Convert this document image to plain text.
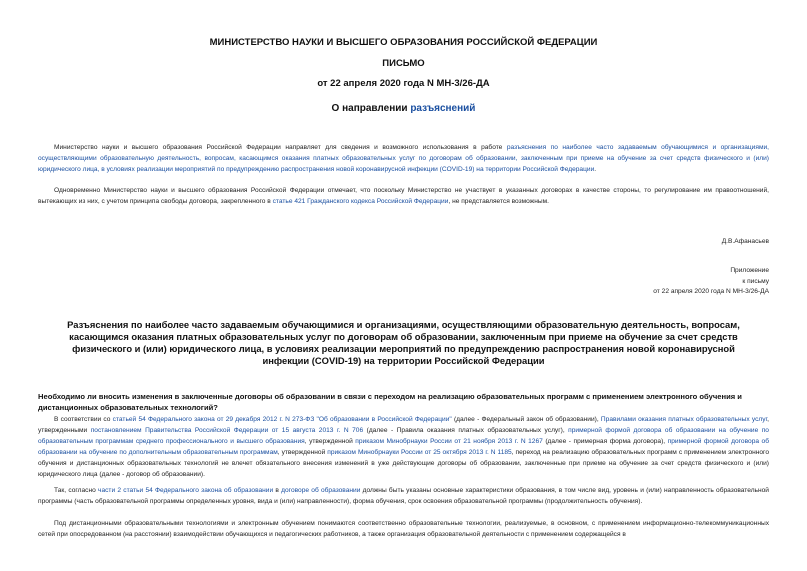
МИНИСТЕРСТВО НАУКИ И ВЫСШЕГО ОБРАЗОВАНИЯ РОССИЙСКОЙ ФЕДЕРАЦИИ
ПИСЬМО
от 22 апреля 2020 года N МН-3/26-ДА
О направлении разъяснений

Министерство науки и высшего образования Российской Федерации направляет для сведения и возможного использования в работе разъяснения по наиболее часто задаваемым обучающимися и организациями, осуществляющими образовательную деятельность, вопросам, касающимся оказания платных образовательных услуг по договорам об образовании, заключенным при приеме на обучение за счет средств физического и (или) юридического лица, в условиях реализации мероприятий по предупреждению распространения новой коронавирусной инфекции (COVID-19) на территории Российской Федерации.

Одновременно Министерство науки и высшего образования Российской Федерации отмечает, что поскольку Министерство не участвует в указанных договорах в качестве стороны, то регулирование им правоотношений, вытекающих из них, с учетом принципа свободы договора, закрепленного в статье 421 Гражданского кодекса Российской Федерации, не представляется возможным.

Д.В.Афанасьев
Приложение
к письму
от 22 апреля 2020 года N МН-3/26-ДА
Разъяснения по наиболее часто задаваемым обучающимися и организациями, осуществляющими образовательную деятельность, вопросам, касающимся оказания платных образовательных услуг по договорам об образовании, заключенным при приеме на обучение за счет средств физического и (или) юридического лица, в условиях реализации мероприятий по предупреждению распространения новой коронавирусной инфекции (COVID-19) на территории Российской Федерации
Необходимо ли вносить изменения в заключенные договоры об образовании в связи с переходом на реализацию образовательных программ с применением электронного обучения и дистанционных образовательных технологий?

В соответствии со статьей 54 Федерального закона от 29 декабря 2012 г. N 273-ФЗ "Об образовании в Российской Федерации" (далее - Федеральный закон об образовании), Правилами оказания платных образовательных услуг, утвержденными постановлением Правительства Российской Федерации от 15 августа 2013 г. N 706 (далее - Правила оказания платных образовательных услуг), примерной формой договора об образовании на обучение по образовательным программам среднего профессионального и высшего образования, утвержденной приказом Минобрнауки России от 21 ноября 2013 г. N 1267 (далее - примерная форма договора), примерной формой договора об образовании на обучение по дополнительным образовательным программам, утвержденной приказом Минобрнауки России от 25 октября 2013 г. N 1185, переход на реализацию образовательных программ с применением электронного обучения и дистанционных образовательных технологий не влечет обязательного внесения изменений в уже действующие договоры об образовании, заключенные при приеме на обучение за счет средств физического и (или) юридического лица (далее - договор об образовании).

Так, согласно части 2 статьи 54 Федерального закона об образовании в договоре об образовании должны быть указаны основные характеристики образования, в том числе вид, уровень и (или) направленность образовательной программы (часть образовательной программы определенных уровня, вида и (или) направленности), форма обучения, срок освоения образовательной программы (продолжительность обучения).

Под дистанционными образовательными технологиями и электронным обучением понимаются соответственно образовательные технологии, реализуемые, в основном, с применением информационно-телекоммуникационных сетей при опосредованном (на расстоянии) взаимодействии обучающихся и педагогических работников, а также организация образовательной деятельности с применением содержащейся в
